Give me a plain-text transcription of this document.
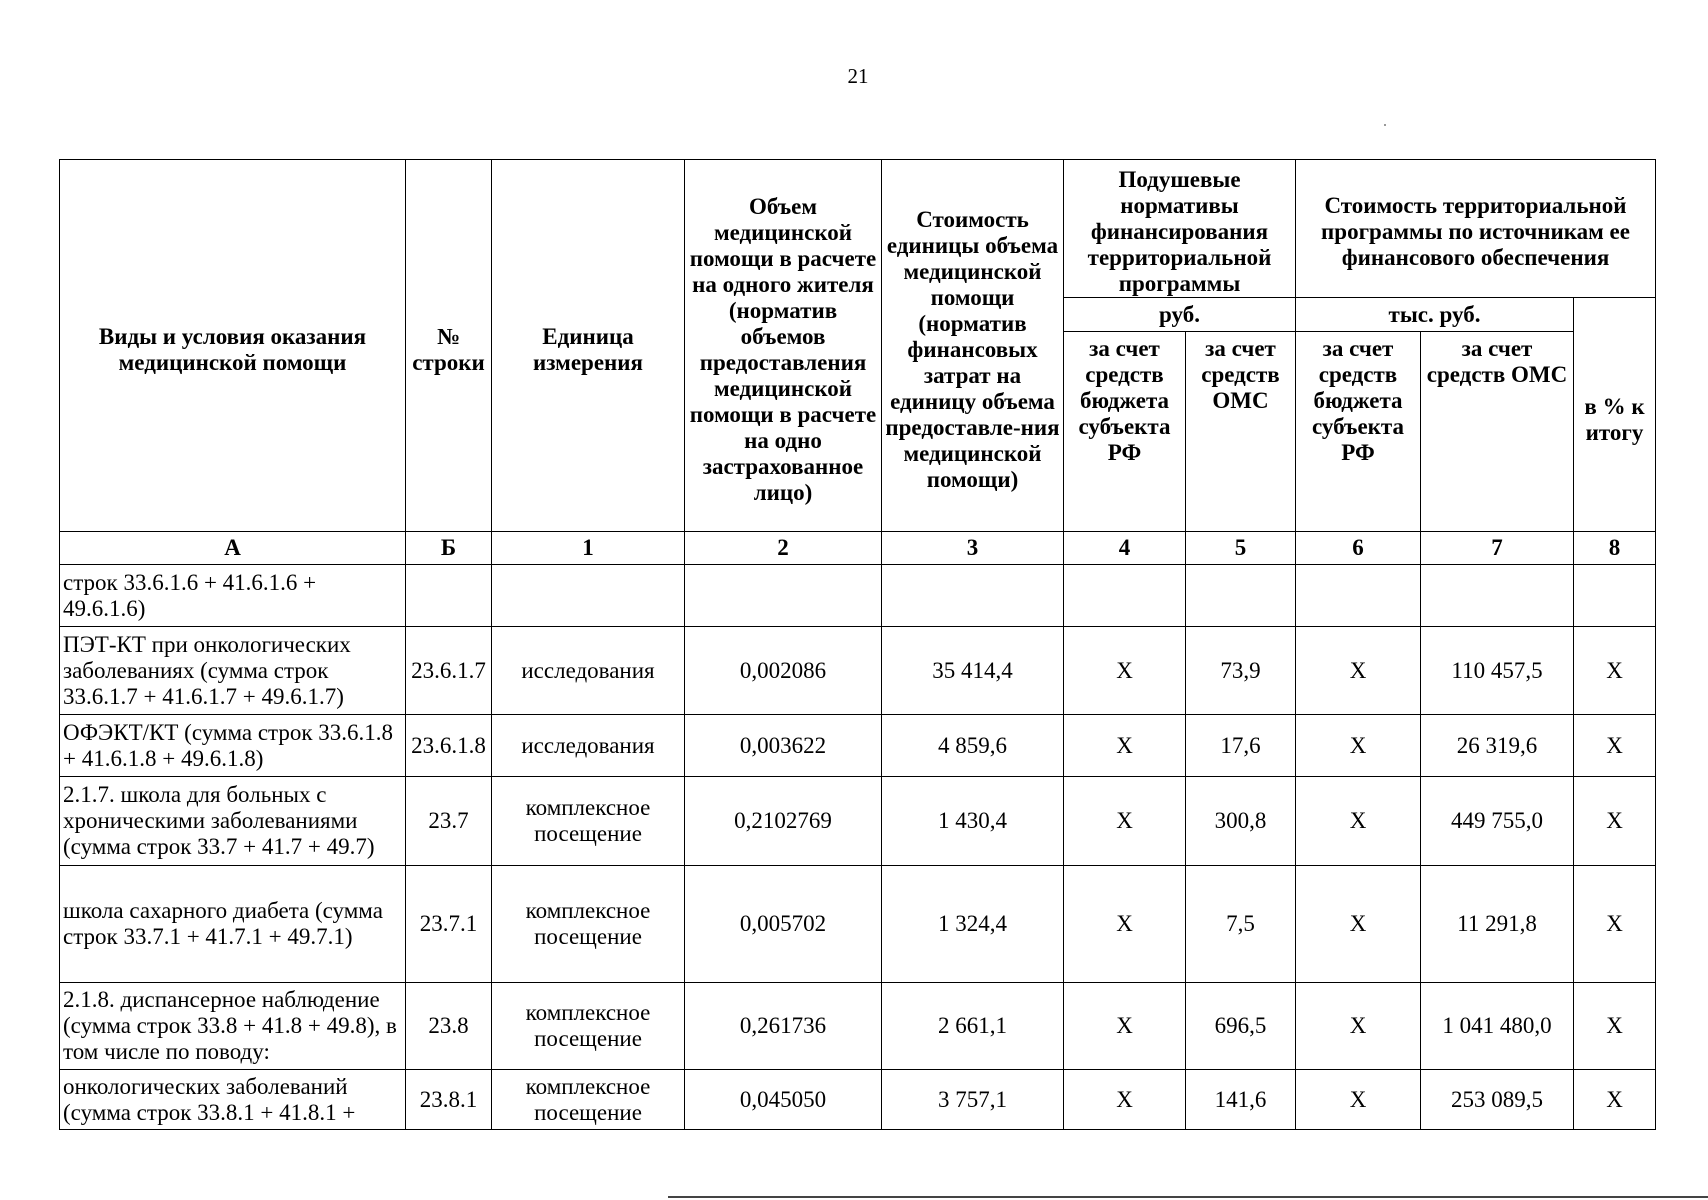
21
Виды и условия оказания медицинской помощи	№ строки	Единица измерения	Объем медицинской помощи в расчете на одного жителя (норматив объемов предоставления медицинской помощи в расчете на одно застрахованное лицо)	Стоимость единицы объема медицинской помощи (норматив финансовых затрат на единицу объема предоставле-ния медицинской помощи)	Подушевые нормативы финансирования территориальной программы		Стоимость территориальной программы по источникам ее финансового обеспечения		
					руб.		тыс. руб.		в % к итогу
					за счет средств бюджета субъекта РФ	за счет средств ОМС	за счет средств бюджета субъекта РФ	за счет средств ОМС	
А	Б	1	2	3	4	5	6	7	8
строк 33.6.1.6 + 41.6.1.6 + 49.6.1.6)									
ПЭТ-КТ при онкологических заболеваниях (сумма строк 33.6.1.7 + 41.6.1.7 + 49.6.1.7)	23.6.1.7	исследования	0,002086	35 414,4	X	73,9	X	110 457,5	X
ОФЭКТ/КТ (сумма строк 33.6.1.8 + 41.6.1.8 + 49.6.1.8)	23.6.1.8	исследования	0,003622	4 859,6	X	17,6	X	26 319,6	X
2.1.7. школа для больных с хроническими заболеваниями (сумма строк 33.7 + 41.7 + 49.7)	23.7	комплексное посещение	0,2102769	1 430,4	X	300,8	X	449 755,0	X
школа сахарного диабета (сумма строк 33.7.1 + 41.7.1 + 49.7.1)	23.7.1	комплексное посещение	0,005702	1 324,4	X	7,5	X	11 291,8	X
2.1.8. диспансерное наблюдение (сумма строк 33.8 + 41.8 + 49.8), в том числе по поводу:	23.8	комплексное посещение	0,261736	2 661,1	X	696,5	X	1 041 480,0	X
онкологических заболеваний (сумма строк 33.8.1 + 41.8.1 +	23.8.1	комплексное посещение	0,045050	3 757,1	X	141,6	X	253 089,5	X
